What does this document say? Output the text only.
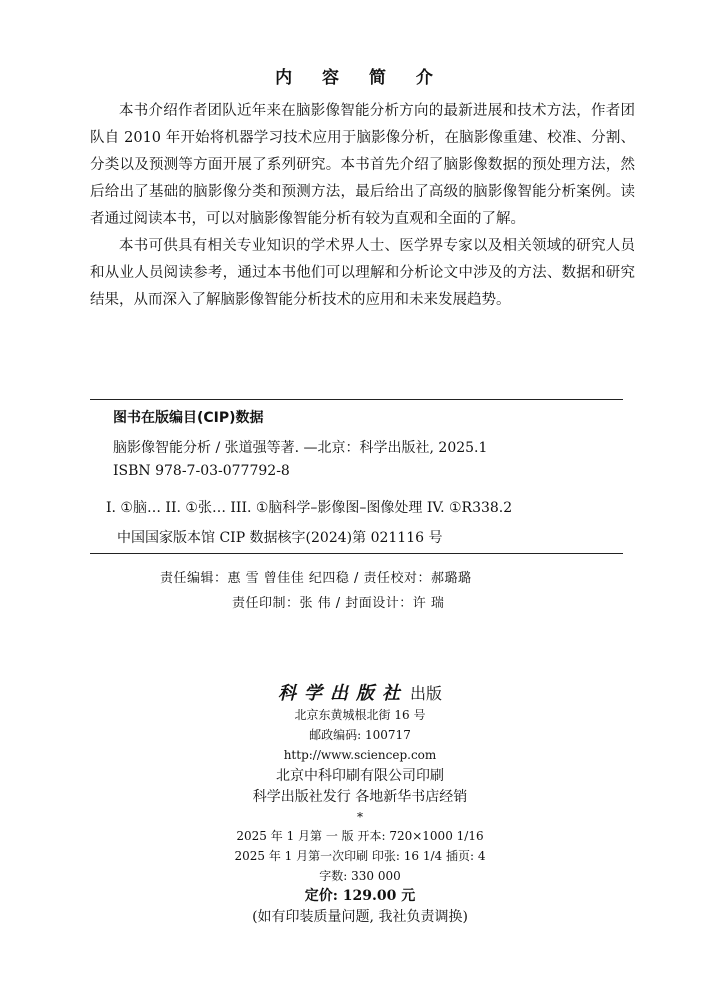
内 容 简 介

本书介绍作者团队近年来在脑影像智能分析方向的最新进展和技术方法，作者团队自 2010 年开始将机器学习技术应用于脑影像分析，在脑影像重建、校准、分割、分类以及预测等方面开展了系列研究。本书首先介绍了脑影像数据的预处理方法，然后给出了基础的脑影像分类和预测方法，最后给出了高级的脑影像智能分析案例。读者通过阅读本书，可以对脑影像智能分析有较为直观和全面的了解。

本书可供具有相关专业知识的学术界人士、医学界专家以及相关领域的研究人员和从业人员阅读参考，通过本书他们可以理解和分析论文中涉及的方法、数据和研究结果，从而深入了解脑影像智能分析技术的应用和未来发展趋势。

图书在版编目(CIP)数据
脑影像智能分析 / 张道强等著. —北京：科学出版社, 2025.1
ISBN 978-7-03-077792-8
I. ①脑… II. ①张… III. ①脑科学–影像图–图像处理 IV. ①R338.2
中国国家版本馆 CIP 数据核字(2024)第 021116 号
责任编辑：惠 雪 曾佳佳 纪四稳 / 责任校对：郝璐璐
责任印制：张 伟 / 封面设计：许 瑞
科学出版社 出版
北京东黄城根北街 16 号
邮政编码: 100717
http://www.sciencep.com
北京中科印刷有限公司印刷
科学出版社发行 各地新华书店经销
*
2025 年 1 月第 一 版 开本: 720×1000 1/16
2025 年 1 月第一次印刷 印张: 16 1/4 插页: 4
字数: 330 000
定价: 129.00 元
(如有印装质量问题, 我社负责调换)
